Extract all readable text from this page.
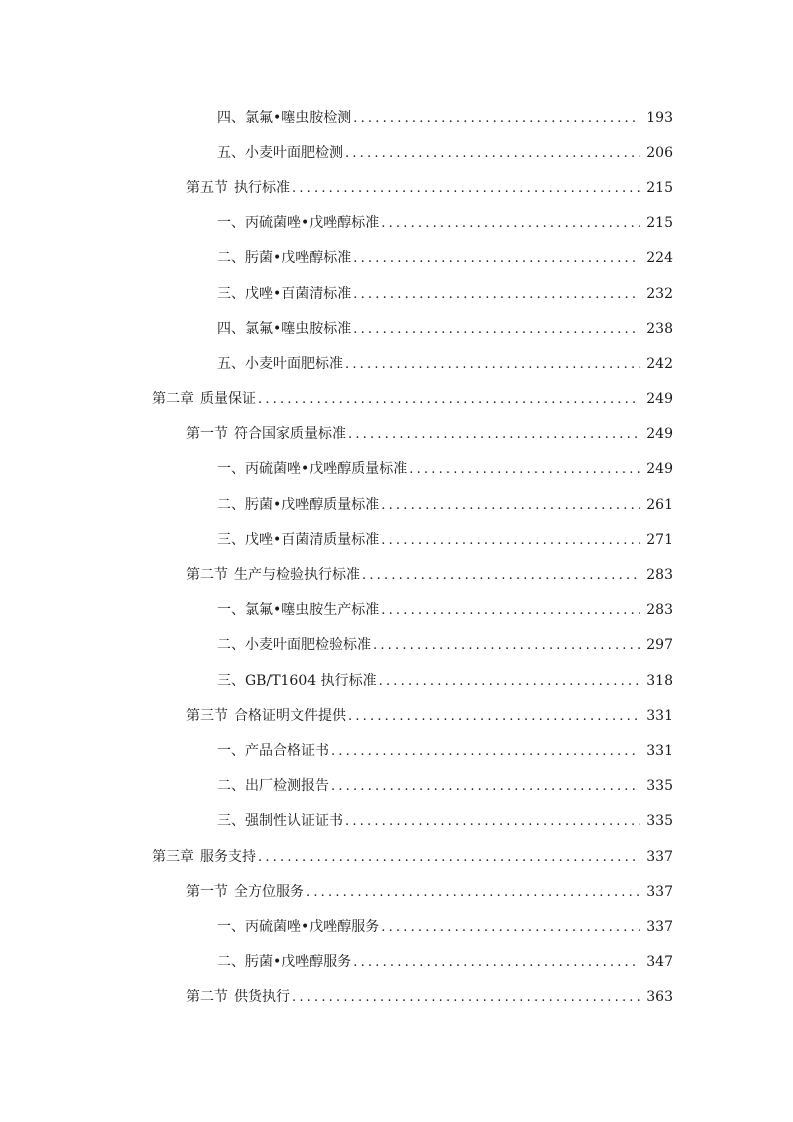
四、 氯氟•噻虫胺检测 .....	193
五、 小麦叶面肥检测 .....	206
第五节 执行标准 .....	215
一、 丙硫菌唑•戊唑醇标准 .....	215
二、 肟菌•戊唑醇标准 .....	224
三、 戊唑•百菌清标准 .....	232
四、 氯氟•噻虫胺标准 .....	238
五、 小麦叶面肥标准 .....	242
第二章 质量保证 .....	249
第一节 符合国家质量标准 .....	249
一、 丙硫菌唑•戊唑醇质量标准 .....	249
二、 肟菌•戊唑醇质量标准 .....	261
三、 戊唑•百菌清质量标准 .....	271
第二节 生产与检验执行标准 .....	283
一、 氯氟•噻虫胺生产标准 .....	283
二、 小麦叶面肥检验标准 .....	297
三、 GB/T1604 执行标准 .....	318
第三节 合格证明文件提供 .....	331
一、 产品合格证书 .....	331
二、 出厂检测报告 .....	335
三、 强制性认证证书 .....	335
第三章 服务支持 .....	337
第一节 全方位服务 .....	337
一、 丙硫菌唑•戊唑醇服务 .....	337
二、 肟菌•戊唑醇服务 .....	347
第二节 供货执行 .....	363
